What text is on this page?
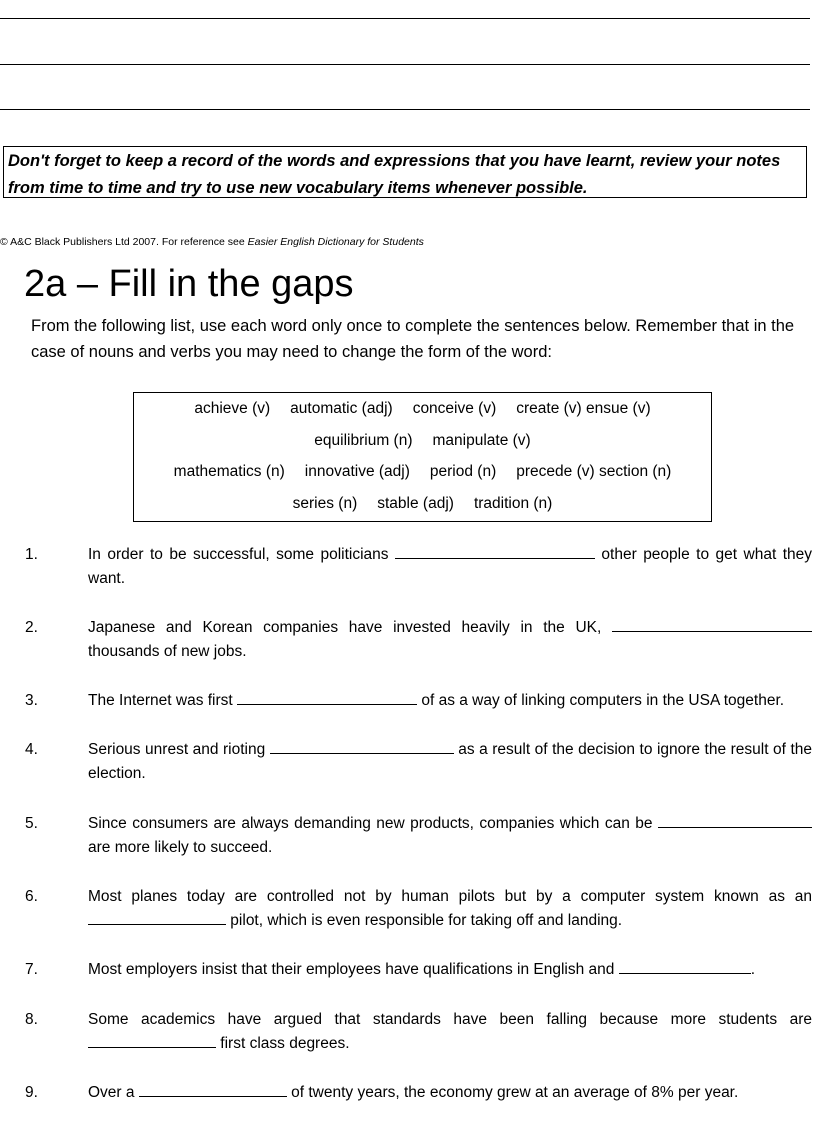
Don't forget to keep a record of the words and expressions that you have learnt, review your notes
from time to time and try to use new vocabulary items whenever possible.
© A&C Black Publishers Ltd 2007. For reference see Easier English Dictionary for Students
2a – Fill in the gaps

From the following list, use each word only once to complete the sentences below. Remember that in the case of nouns and verbs you may need to change the form of the word:

achieve (v) automatic (adj) conceive (v) create (v) ensue (v)
equilibrium (n) manipulate (v)
mathematics (n) innovative (adj) period (n) precede (v) section (n)
series (n) stable (adj) tradition (n)
1.	In order to be successful, some politicians	other people to get what they want.
2.	Japanese and Korean companies have invested heavily in the UK,  thousands of new jobs.
3.	The Internet was first	of as a way of linking computers in the USA together.
4.	Serious unrest and rioting	as a result of the decision to ignore the result of the election.
5.	Since consumers are always demanding new products, companies which can be  are more likely to succeed.
6.	Most planes today are controlled not by human pilots but by a computer system known as an  pilot, which is even responsible for taking off and landing.
7.	Most employers insist that their employees have qualifications in English and	.
8.	Some academics have argued that standards have been falling because more students are  first class degrees.
9.	Over a	of twenty years, the economy grew at an average of 8% per year.
